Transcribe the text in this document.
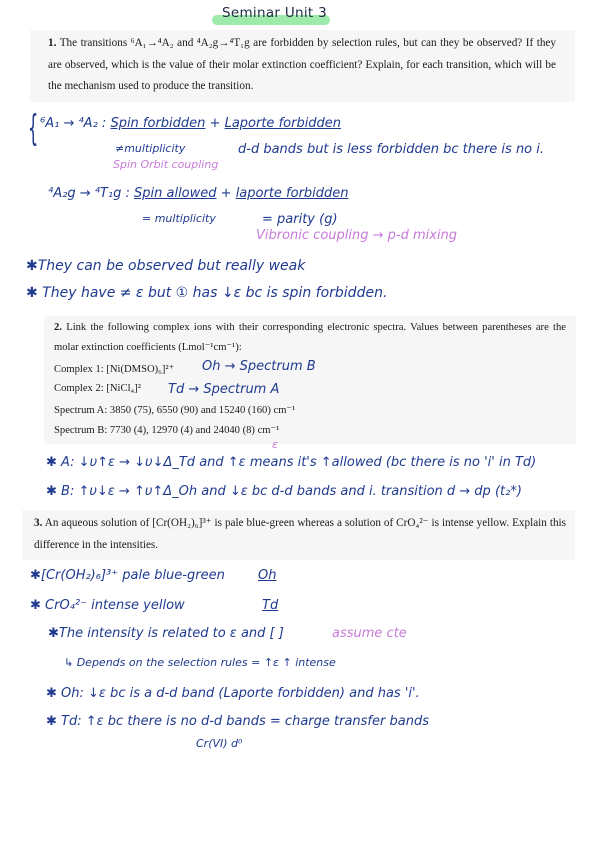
Seminar Unit 3
1. The transitions ⁶A₁→⁴A₂ and ⁴A₂g→⁴T₁g are forbidden by selection rules, but can they be observed? If they are observed, which is the value of their molar extinction coefficient? Explain, for each transition, which will be the mechanism used to produce the transition.
{ ⁶A₁ → ⁴A₂ : Spin forbidden + Laporte forbidden
≠multiplicity	d-d bands but is less forbidden bc there is no i.
Spin Orbit coupling
⁴A₂g → ⁴T₁g : Spin allowed + laporte forbidden
= multiplicity	= parity (g)
Vibronic coupling → p-d mixing
✱They can be observed but really weak
✱ They have ≠ ε but ① has ↓ε bc is spin forbidden.
2. Link the following complex ions with their corresponding electronic spectra. Values between parentheses are the molar extinction coefficients (Lmol⁻¹cm⁻¹):
Complex 1: [Ni(DMSO)₆]²⁺
Complex 2: [NiCl₄]²
Spectrum A: 3850 (75), 6550 (90) and 15240 (160) cm⁻¹
Spectrum B: 7730 (4), 12970 (4) and 24040 (8) cm⁻¹
Oh → Spectrum B
Td → Spectrum A
ε
✱ A: ↓υ↑ε → ↓υ↓Δ_Td and ↑ε means it's ↑allowed (bc there is no 'i' in Td)
✱ B: ↑υ↓ε → ↑υ↑Δ_Oh and ↓ε bc d-d bands and i. transition d → dp (t₂*)
3. An aqueous solution of [Cr(OH₂)₆]³⁺ is pale blue-green whereas a solution of CrO₄²⁻ is intense yellow. Explain this difference in the intensities.
✱[Cr(OH₂)₆]³⁺ pale blue-green	Oh
✱ CrO₄²⁻ intense yellow	Td
✱The intensity is related to ε and [ ]	assume cte
↳ Depends on the selection rules = ↑ε ↑ intense
✱ Oh: ↓ε bc is a d-d band (Laporte forbidden) and has 'i'.
✱ Td: ↑ε bc there is no d-d bands = charge transfer bands
Cr(VI) d⁰
